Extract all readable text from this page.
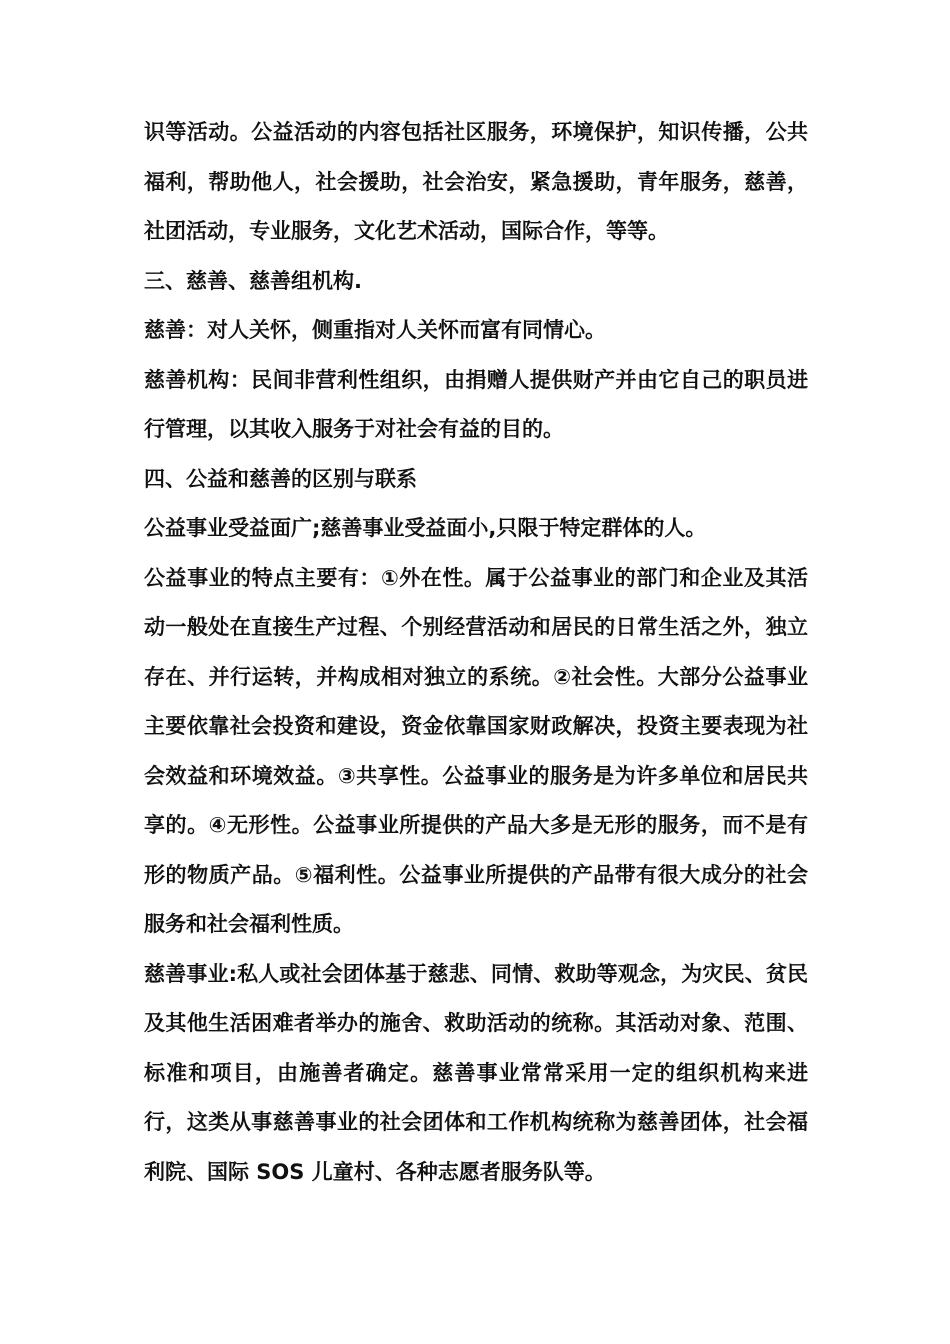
识等活动。公益活动的内容包括社区服务，环境保护，知识传播，公共福利，帮助他人，社会援助，社会治安，紧急援助，青年服务，慈善，社团活动，专业服务，文化艺术活动，国际合作，等等。

三、慈善、慈善组机构.

慈善：对人关怀，侧重指对人关怀而富有同情心。

慈善机构：民间非营利性组织，由捐赠人提供财产并由它自己的职员进行管理，以其收入服务于对社会有益的目的。

四、公益和慈善的区别与联系

公益事业受益面广;慈善事业受益面小,只限于特定群体的人。

公益事业的特点主要有：①外在性。属于公益事业的部门和企业及其活动一般处在直接生产过程、个别经营活动和居民的日常生活之外，独立存在、并行运转，并构成相对独立的系统。②社会性。大部分公益事业主要依靠社会投资和建设，资金依靠国家财政解决，投资主要表现为社会效益和环境效益。③共享性。公益事业的服务是为许多单位和居民共享的。④无形性。公益事业所提供的产品大多是无形的服务，而不是有形的物质产品。⑤福利性。公益事业所提供的产品带有很大成分的社会服务和社会福利性质。

慈善事业:私人或社会团体基于慈悲、同情、救助等观念，为灾民、贫民及其他生活困难者举办的施舍、救助活动的统称。其活动对象、范围、标准和项目，由施善者确定。慈善事业常常采用一定的组织机构来进行，这类从事慈善事业的社会团体和工作机构统称为慈善团体，社会福利院、国际 SOS 儿童村、各种志愿者服务队等。
